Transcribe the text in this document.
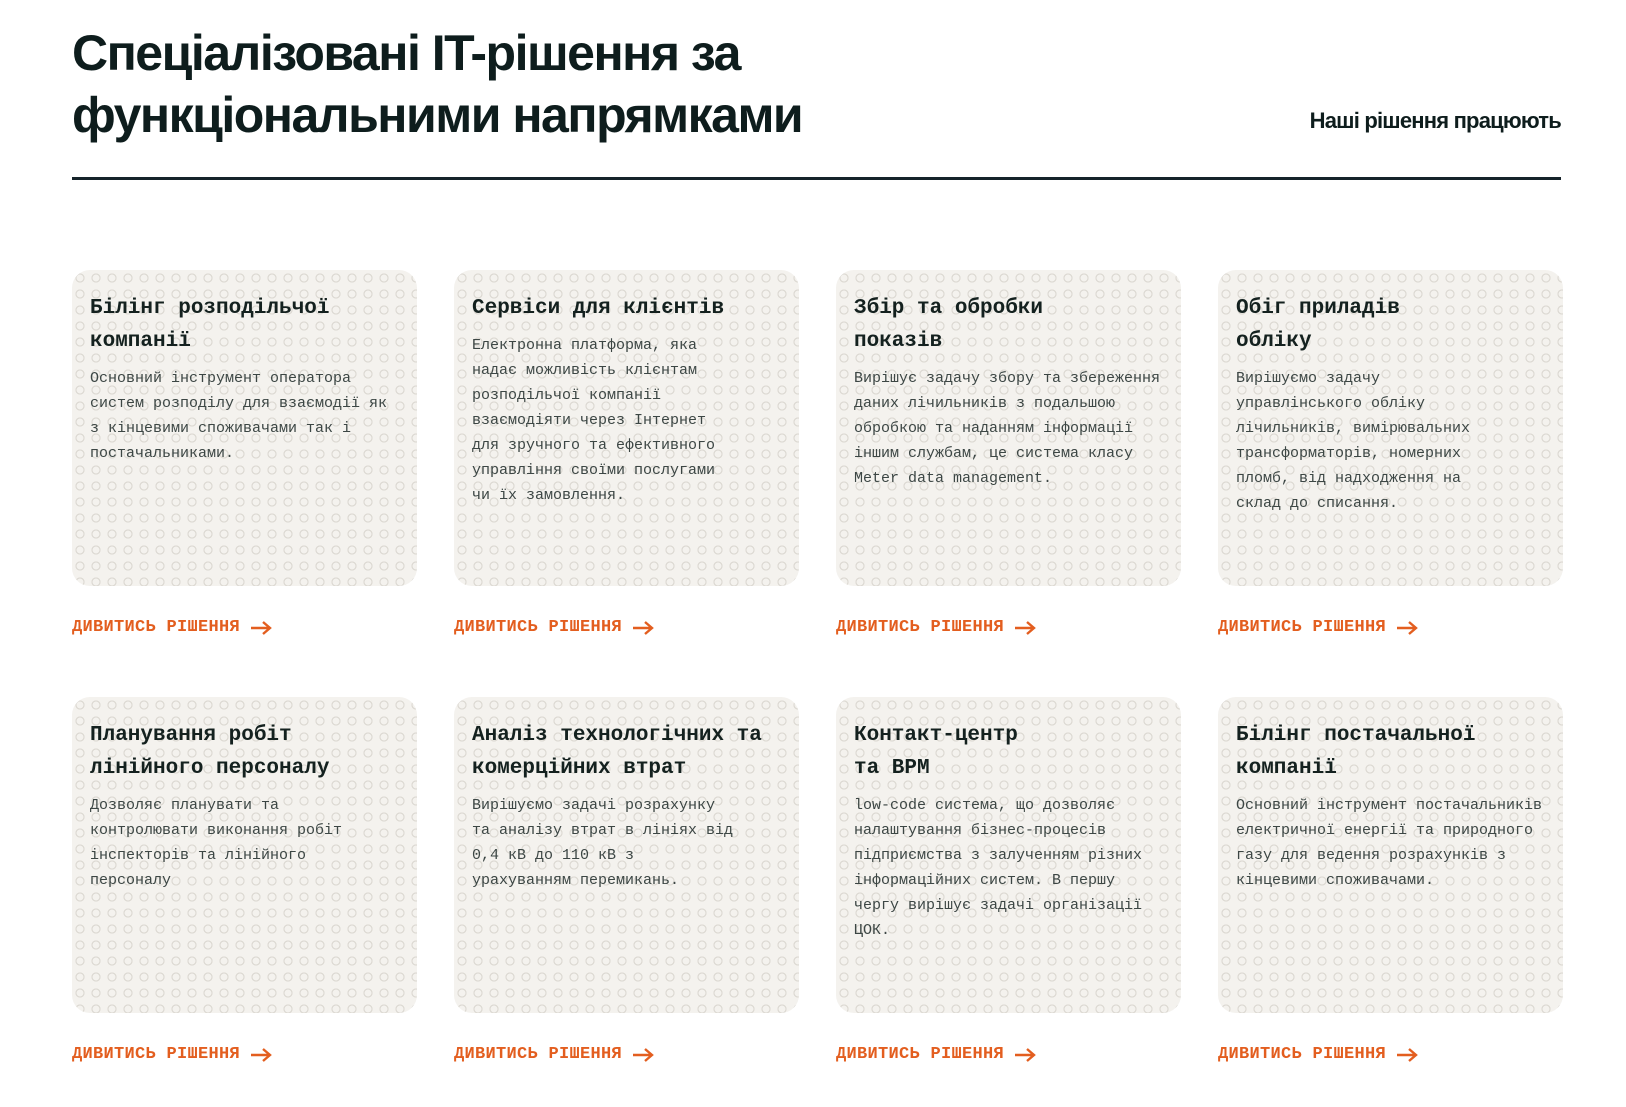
Спеціалізовані IT-рішення за
функціональними напрямками	Наші рішення працюють
Білінг розподільчої компанії
Основний інструмент оператора систем розподілу для взаємодії як з кінцевими споживачами так і постачальниками.
ДИВИТИСЬ РІШЕННЯ
Сервіси для клієнтів
Електронна платформа, яка надає можливість клієнтам розподільчої компанії взаємодіяти через Інтернет для зручного та ефективного управління своїми послугами чи їх замовлення.
ДИВИТИСЬ РІШЕННЯ
Збір та обробки показів
Вирішує задачу збору та збереження даних лічильників з подальшою обробкою та наданням інформації іншим службам, це система класу Meter data management.
ДИВИТИСЬ РІШЕННЯ
Обіг приладів обліку
Вирішуємо задачу управлінського обліку лічильників, вимірювальних трансформаторів, номерних пломб, від надходження на склад до списання.
ДИВИТИСЬ РІШЕННЯ
Планування робіт лінійного персоналу
Дозволяє планувати та контролювати виконання робіт інспекторів та лінійного персоналу
ДИВИТИСЬ РІШЕННЯ
Аналіз технологічних та комерційних втрат
Вирішуємо задачі розрахунку та аналізу втрат в лініях від 0,4 кВ до 110 кВ з урахуванням перемикань.
ДИВИТИСЬ РІШЕННЯ
Контакт-центр та BPM
low-code система, що дозволяє налаштування бізнес-процесів підприємства з залученням різних інформаційних систем. В першу чергу вирішує задачі організації ЦОК.
ДИВИТИСЬ РІШЕННЯ
Білінг постачальної компанії
Основний інструмент постачальників електричної енергії та природного газу для ведення розрахунків з кінцевими споживачами.
ДИВИТИСЬ РІШЕННЯ
